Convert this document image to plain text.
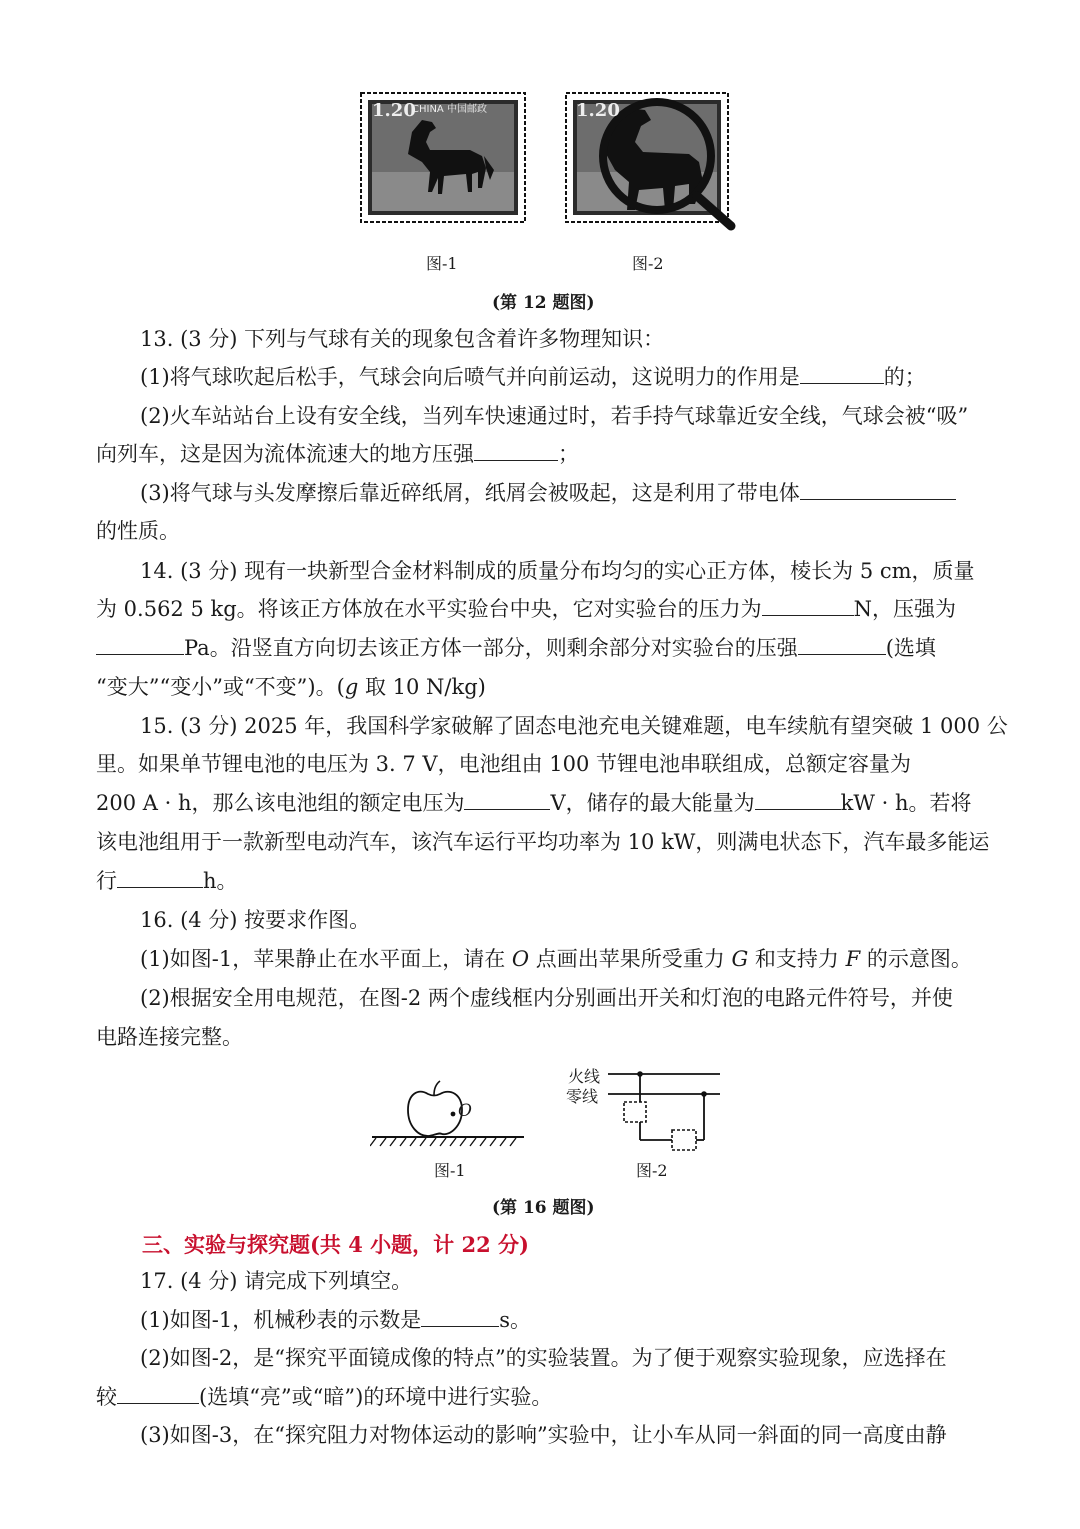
1.20
CHINA 中国邮政	1.20
图-1	图-2
(第 12 题图)
13. (3 分) 下列与气球有关的现象包含着许多物理知识：
(1)将气球吹起后松手，气球会向后喷气并向前运动，这说明力的作用是	的；
(2)火车站站台上设有安全线，当列车快速通过时，若手持气球靠近安全线，气球会被“吸”
向列车，这是因为流体流速大的地方压强	；
(3)将气球与头发摩擦后靠近碎纸屑，纸屑会被吸起，这是利用了带电体
的性质。
14. (3 分) 现有一块新型合金材料制成的质量分布均匀的实心正方体，棱长为 5 cm，质量
为 0.562 5 kg。将该正方体放在水平实验台中央，它对实验台的压力为	N，压强为
Pa。沿竖直方向切去该正方体一部分，则剩余部分对实验台的压强	(选填
“变大”“变小”或“不变”)。(g 取 10 N/kg)
15. (3 分) 2025 年，我国科学家破解了固态电池充电关键难题，电车续航有望突破 1 000 公
里。如果单节锂电池的电压为 3. 7 V，电池组由 100 节锂电池串联组成，总额定容量为
200 A · h，那么该电池组的额定电压为	V，储存的最大能量为	kW · h。若将
该电池组用于一款新型电动汽车，该汽车运行平均功率为 10 kW，则满电状态下，汽车最多能运
行	h。
16. (4 分) 按要求作图。
(1)如图-1，苹果静止在水平面上，请在 O 点画出苹果所受重力 G 和支持力 F 的示意图。
(2)根据安全用电规范，在图-2 两个虚线框内分别画出开关和灯泡的电路元件符号，并使
电路连接完整。
O
火线
零线
图-1	图-2
(第 16 题图)
三、实验与探究题(共 4 小题，计 22 分)
17. (4 分) 请完成下列填空。
(1)如图-1，机械秒表的示数是	s。
(2)如图-2，是“探究平面镜成像的特点”的实验装置。为了便于观察实验现象，应选择在
较	(选填“亮”或“暗”)的环境中进行实验。
(3)如图-3，在“探究阻力对物体运动的影响”实验中，让小车从同一斜面的同一高度由静
